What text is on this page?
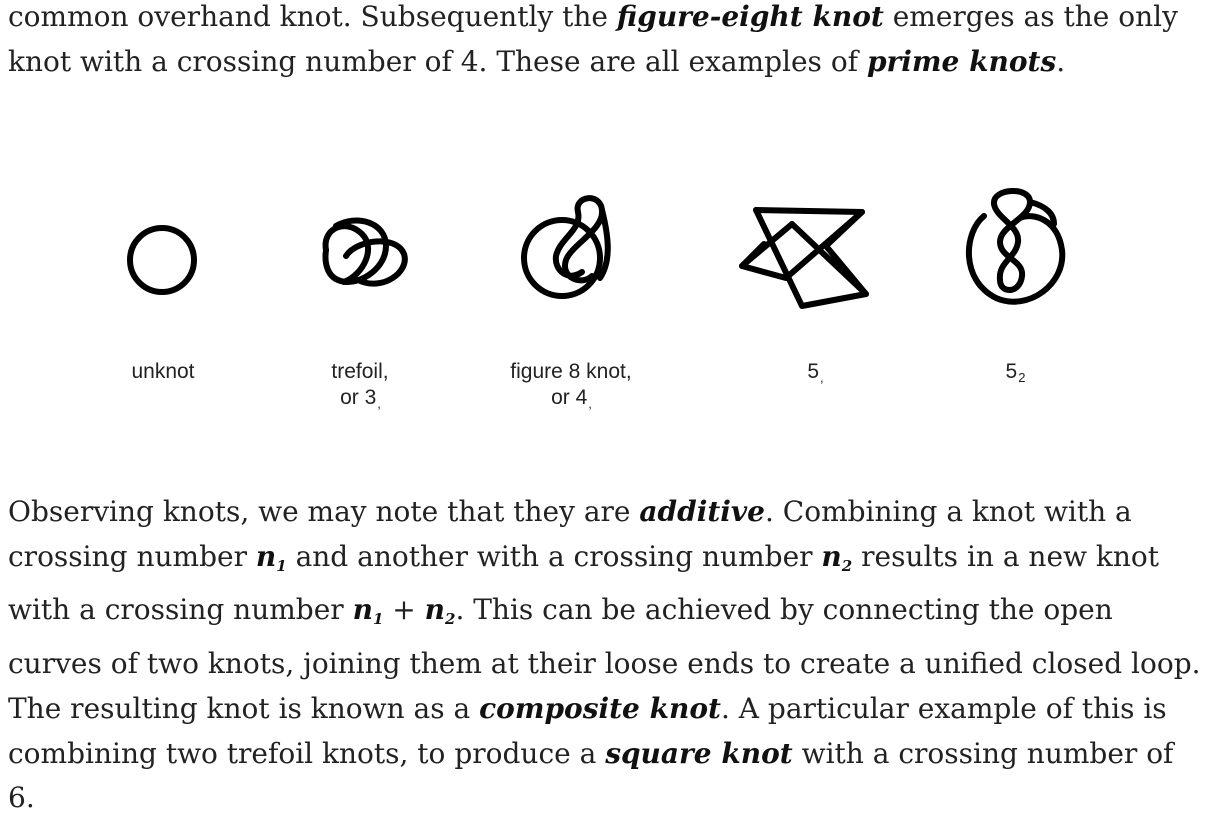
common overhand knot. Subsequently the figure-eight knot emerges as the only knot with a crossing number of 4. These are all examples of prime knots.

unknot	trefoil,
or 3,
figure 8 knot,
or 4,
5,	52

Observing knots, we may note that they are additive. Combining a knot with a crossing number $n_1$ and another with a crossing number $n_2$ results in a new knot with a crossing number $n_1 + n_2$. This can be achieved by connecting the open curves of two knots, joining them at their loose ends to create a unified closed loop. The resulting knot is known as a composite knot. A particular example of this is combining two trefoil knots, to produce a square knot with a crossing number of 6.
